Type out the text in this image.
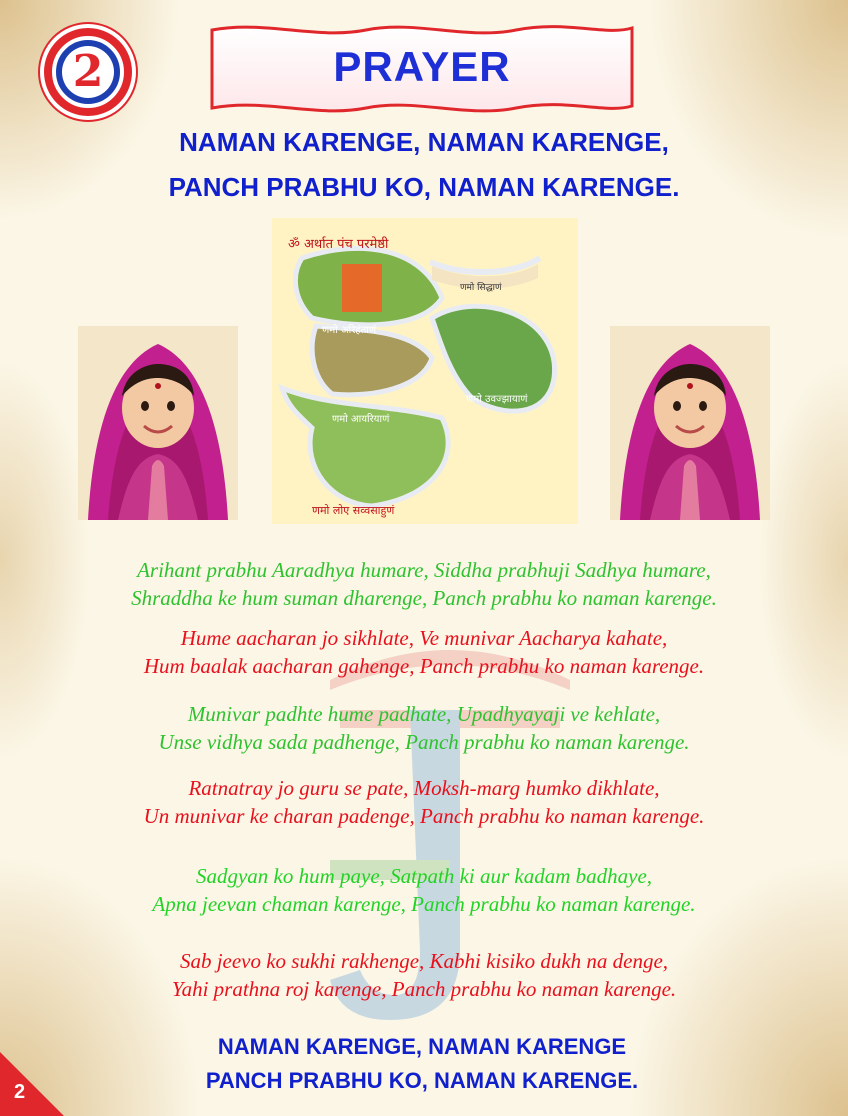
2	PRAYER
NAMAN KARENGE, NAMAN KARENGE,
PANCH PRABHU KO, NAMAN KARENGE.
ॐ अर्थात पंच परमेष्ठी
णमो सिद्धाणं
णमो अरिहंताणं
णमो उवज्झायाणं
णमो आयरियाणं
णमो लोए सव्वसाहुणं
Arihant prabhu Aaradhya humare, Siddha prabhuji Sadhya humare,
Shraddha ke hum suman dharenge, Panch prabhu ko naman karenge.
Hume aacharan jo sikhlate, Ve munivar Aacharya kahate,
Hum baalak aacharan gahenge, Panch prabhu ko naman karenge.
Munivar padhte hume padhate, Upadhyayaji ve kehlate,
Unse vidhya sada padhenge, Panch prabhu ko naman karenge.
Ratnatray jo guru se pate, Moksh-marg humko dikhlate,
Un munivar ke charan padenge, Panch prabhu ko naman karenge.
Sadgyan ko hum paye, Satpath ki aur kadam badhaye,
Apna jeevan chaman karenge, Panch prabhu ko naman karenge.
Sab jeevo ko sukhi rakhenge, Kabhi kisiko dukh na denge,
Yahi prathna roj karenge, Panch prabhu ko naman karenge.
NAMAN KARENGE, NAMAN KARENGE
PANCH PRABHU KO, NAMAN KARENGE.
2
